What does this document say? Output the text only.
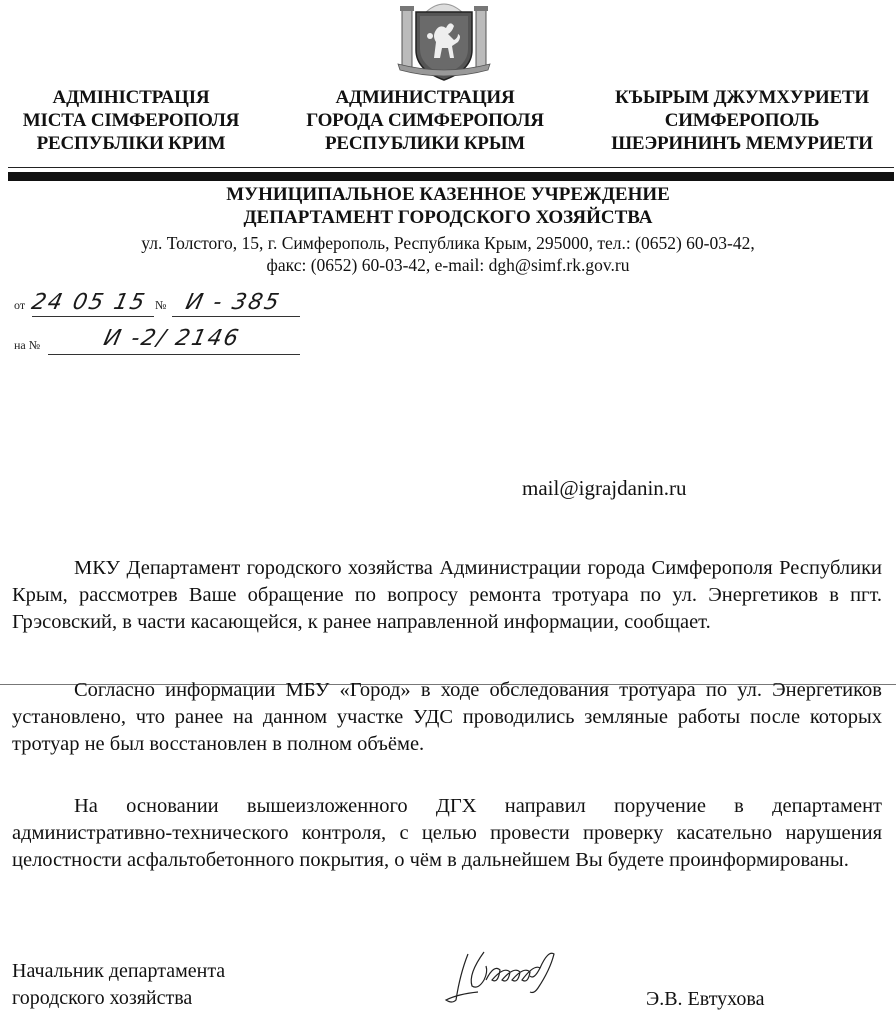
АДМІНІСТРАЦІЯ
МІСТА СІМФЕРОПОЛЯ
РЕСПУБЛІКИ КРИМ
АДМИНИСТРАЦИЯ
ГОРОДА СИМФЕРОПОЛЯ
РЕСПУБЛИКИ КРЫМ
КЪЫРЫМ ДЖУМХУРИЕТИ
СИМФЕРОПОЛЬ
ШЕЭРИНИНЪ МЕМУРИЕТИ
МУНИЦИПАЛЬНОЕ КАЗЕННОЕ УЧРЕЖДЕНИЕ
ДЕПАРТАМЕНТ ГОРОДСКОГО ХОЗЯЙСТВА
ул. Толстого, 15, г. Симферополь, Республика Крым, 295000, тел.: (0652) 60-03-42,
факс: (0652) 60-03-42, e-mail: dgh@simf.rk.gov.ru
от 24 05 15 № И - 385
на №	И -2/ 2146
mail@igrajdanin.ru

МКУ Департамент городского хозяйства Администрации города Симферополя Республики Крым, рассмотрев Ваше обращение по вопросу ремонта тротуара по ул. Энергетиков в пгт. Грэсовский, в части касающейся, к ранее направленной информации, сообщает.

Согласно информации МБУ «Город» в ходе обследования тротуара по ул. Энергетиков установлено, что ранее на данном участке УДС проводились земляные работы после которых тротуар не был восстановлен в полном объёме.

На основании вышеизложенного ДГХ направил поручение в департамент административно-технического контроля, с целью провести проверку касательно нарушения целостности асфальтобетонного покрытия, о чём в дальнейшем Вы будете проинформированы.

Начальник департамента
городского хозяйства	Э.В. Евтухова
